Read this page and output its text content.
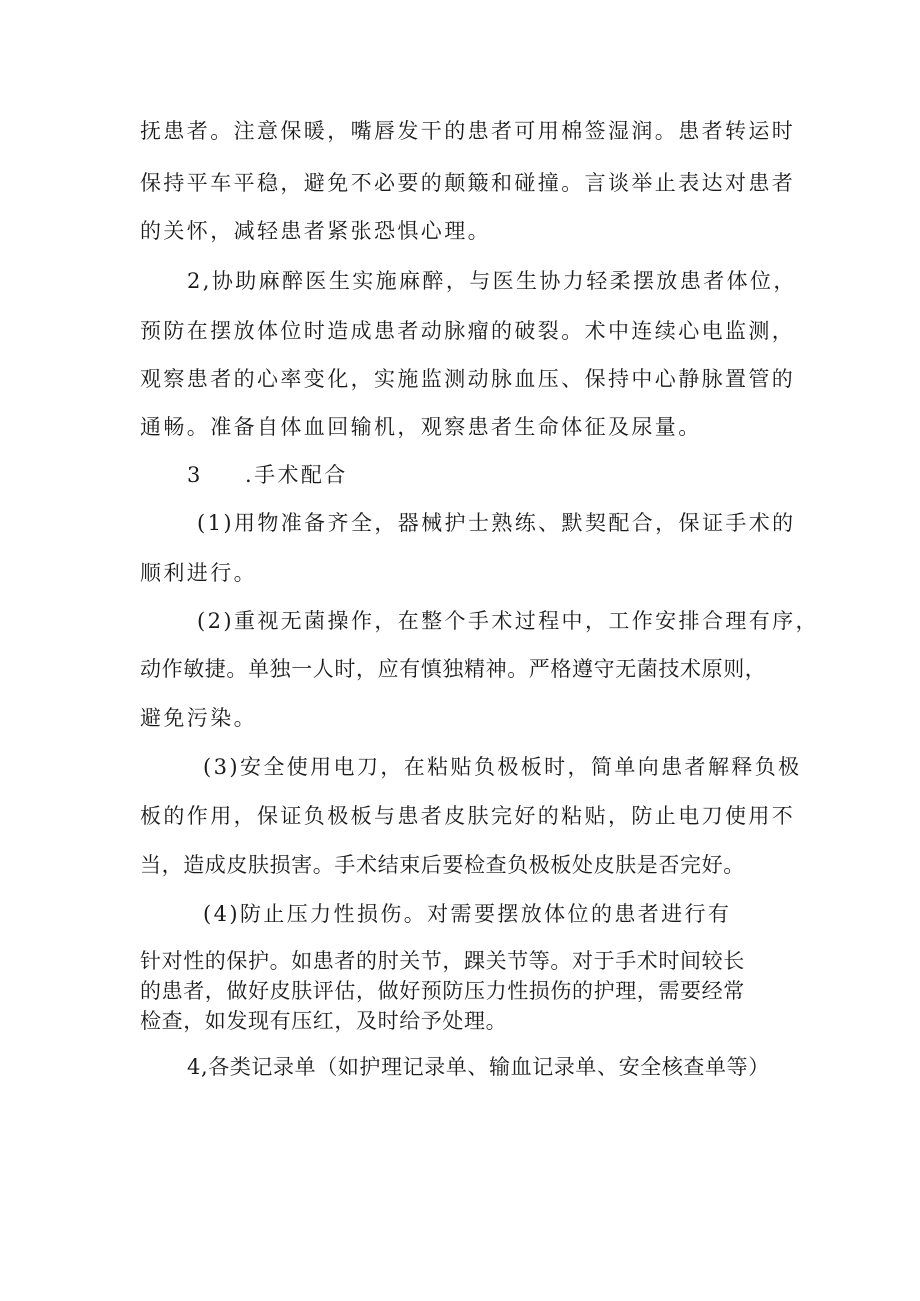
抚患者。注意保暖，嘴唇发干的患者可用棉签湿润。患者转运时
保持平车平稳，避免不必要的颠簸和碰撞。言谈举止表达对患者
的关怀，减轻患者紧张恐惧心理。
2,协助麻醉医生实施麻醉，与医生协力轻柔摆放患者体位，
预防在摆放体位时造成患者动脉瘤的破裂。术中连续心电监测，
观察患者的心率变化，实施监测动脉血压、保持中心静脉置管的
通畅。准备自体血回输机，观察患者生命体征及尿量。
3 .手术配合
(1)用物准备齐全，器械护士熟练、默契配合，保证手术的
顺利进行。
(2)重视无菌操作，在整个手术过程中，工作安排合理有序，
动作敏捷。单独一人时，应有慎独精神。严格遵守无菌技术原则，
避免污染。
(3)安全使用电刀，在粘贴负极板时，简单向患者解释负极
板的作用，保证负极板与患者皮肤完好的粘贴，防止电刀使用不
当，造成皮肤损害。手术结束后要检查负极板处皮肤是否完好。
(4)防止压力性损伤。对需要摆放体位的患者进行有
针对性的保护。如患者的肘关节，踝关节等。对于手术时间较长
的患者，做好皮肤评估，做好预防压力性损伤的护理，需要经常
检查，如发现有压红，及时给予处理。
4,各类记录单（如护理记录单、输血记录单、安全核查单等）
